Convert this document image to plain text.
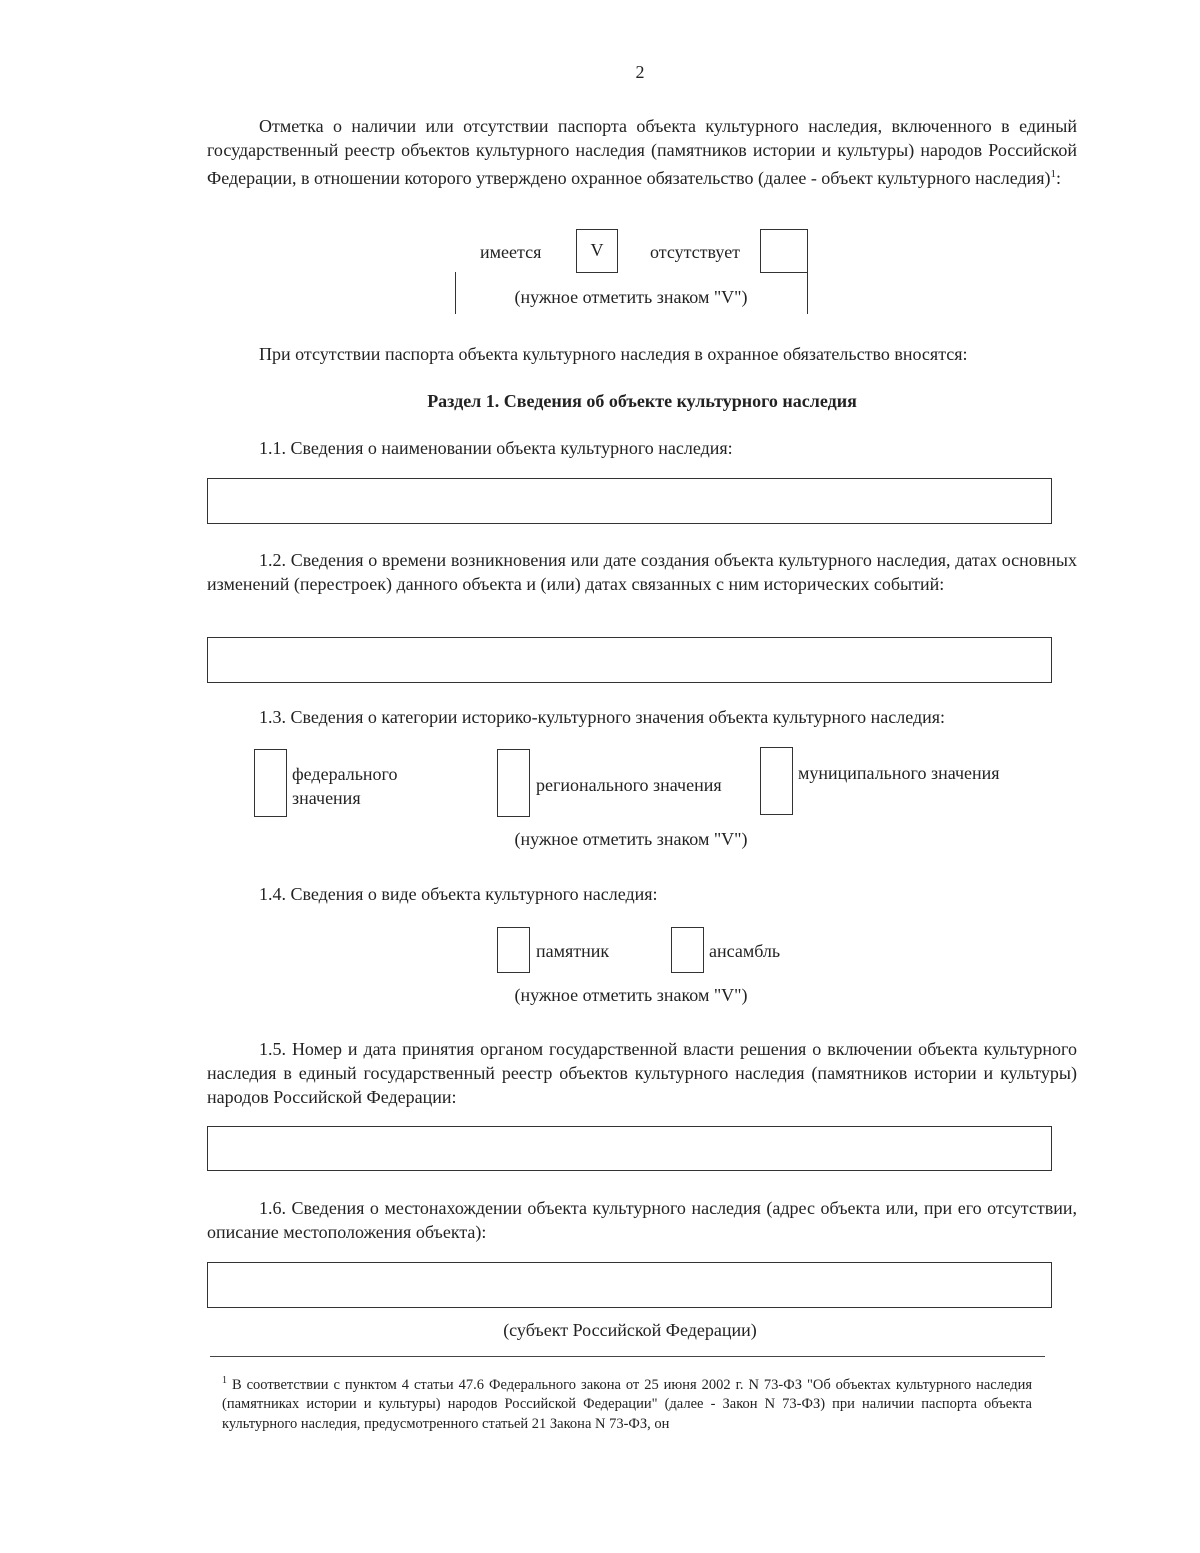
2
Отметка о наличии или отсутствии паспорта объекта культурного наследия, включенного в единый государственный реестр объектов культурного наследия (памятников истории и культуры) народов Российской Федерации, в отношении которого утверждено охранное обязательство (далее - объект культурного наследия)$^1$:
имеется	V	отсутствует
(нужное отметить знаком "V")
При отсутствии паспорта объекта культурного наследия в охранное обязательство вносятся:
Раздел 1. Сведения об объекте культурного наследия
1.1. Сведения о наименовании объекта культурного наследия:
1.2. Сведения о времени возникновения или дате создания объекта культурного наследия, датах основных изменений (перестроек) данного объекта и (или) датах связанных с ним исторических событий:
1.3. Сведения о категории историко-культурного значения объекта культурного наследия:
федерального
значения
регионального значения
муниципального значения
(нужное отметить знаком "V")
1.4. Сведения о виде объекта культурного наследия:
памятник	ансамбль
(нужное отметить знаком "V")
1.5. Номер и дата принятия органом государственной власти решения о включении объекта культурного наследия в единый государственный реестр объектов культурного наследия (памятников истории и культуры) народов Российской Федерации:
1.6. Сведения о местонахождении объекта культурного наследия (адрес объекта или, при его отсутствии, описание местоположения объекта):
(субъект Российской Федерации)
$^1$ В соответствии с пунктом 4 статьи 47.6 Федерального закона от 25 июня 2002 г. N 73-ФЗ "Об объектах культурного наследия (памятниках истории и культуры) народов Российской Федерации" (далее - Закон N 73-ФЗ) при наличии паспорта объекта культурного наследия, предусмотренного статьей 21 Закона N 73-ФЗ, он
